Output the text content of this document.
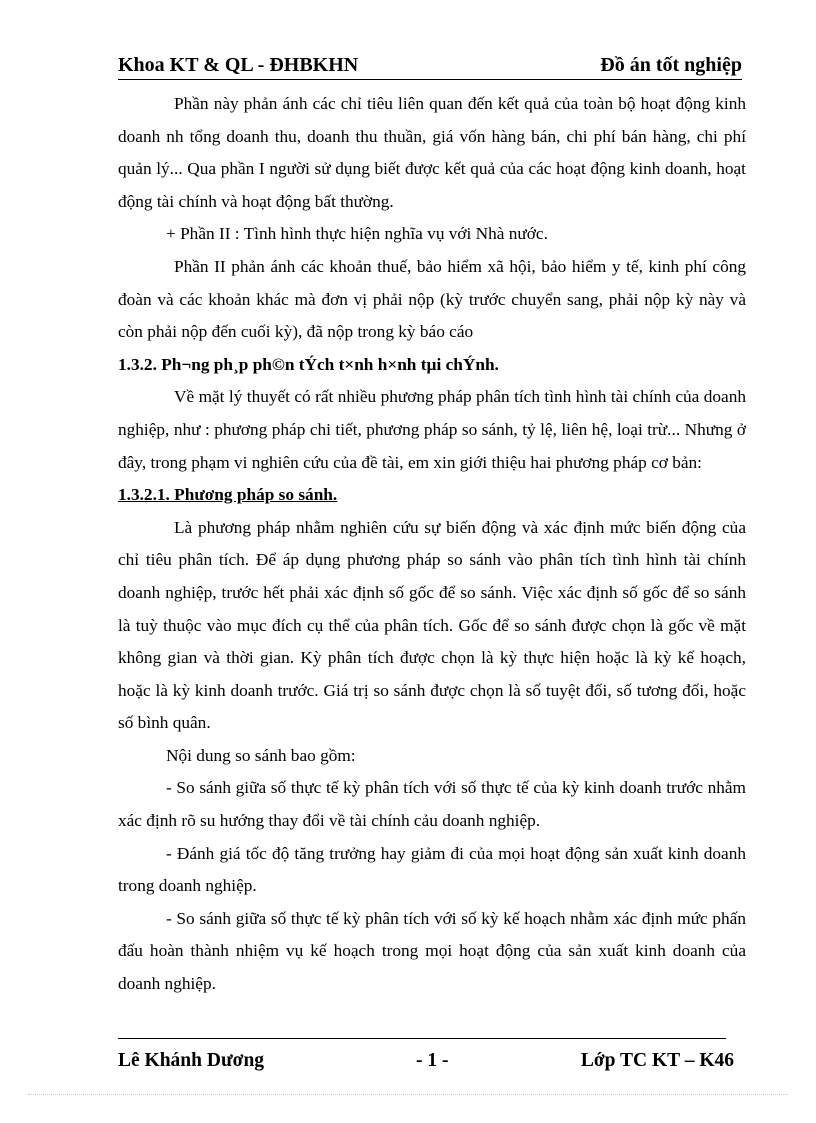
Khoa KT & QL - ĐHBKHN	Đồ án tốt nghiệp

Phần này phản ánh các chỉ tiêu liên quan đến kết quả của toàn bộ hoạt động kinh doanh nh tổng doanh thu, doanh thu thuần, giá vốn hàng bán, chi phí bán hàng, chi phí quản lý... Qua phần I người sử dụng biết được kết quả của các hoạt động kinh doanh, hoạt động tài chính và hoạt động bất thường.

+ Phần II : Tình hình thực hiện nghĩa vụ với Nhà nước.

Phần II phản ánh các khoản thuế, bảo hiểm xã hội, bảo hiểm y tế, kinh phí công đoàn và các khoản khác mà đơn vị phải nộp (kỳ trước chuyển sang, phải nộp kỳ này và còn phải nộp đến cuối kỳ), đã nộp trong kỳ báo cáo

1.3.2. Ph¬ng ph¸p ph©n tÝch t×nh h×nh tµi chÝnh.

Về mặt lý thuyết có rất nhiều phương pháp phân tích tình hình tài chính của doanh nghiệp, như : phương pháp chi tiết, phương pháp so sánh, tỷ lệ, liên hệ, loại trừ... Nhưng ở đây, trong phạm vi nghiên cứu của đề tài, em xin giới thiệu hai phương pháp cơ bản:

1.3.2.1. Phương pháp so sánh.

Là phương pháp nhằm nghiên cứu sự biến động và xác định mức biến động của chỉ tiêu phân tích. Để áp dụng phương pháp so sánh vào phân tích tình hình tài chính doanh nghiệp, trước hết phải xác định số gốc để so sánh. Việc xác định số gốc để so sánh là tuỳ thuộc vào mục đích cụ thể của phân tích. Gốc để so sánh được chọn là gốc về mặt không gian và thời gian. Kỳ phân tích được chọn là kỳ thực hiện hoặc là kỳ kế hoạch, hoặc là kỳ kinh doanh trước. Giá trị so sánh được chọn là số tuyệt đối, số tương đối, hoặc số bình quân.

Nội dung so sánh bao gồm:

- So sánh giữa số thực tế kỳ phân tích với số thực tế của kỳ kinh doanh trước nhằm xác định rõ su hướng thay đổi về tài chính cảu doanh nghiệp.

- Đánh giá tốc độ tăng trưởng hay giảm đi của mọi hoạt động sản xuất kinh doanh trong doanh nghiệp.

- So sánh giữa số thực tế kỳ phân tích với số kỳ kế hoạch nhằm xác định mức phấn đấu hoàn thành nhiệm vụ kế hoạch trong mọi hoạt động của sản xuất kinh doanh của doanh nghiệp.

Lê Khánh Dương	- 1 -	Lớp TC KT – K46
